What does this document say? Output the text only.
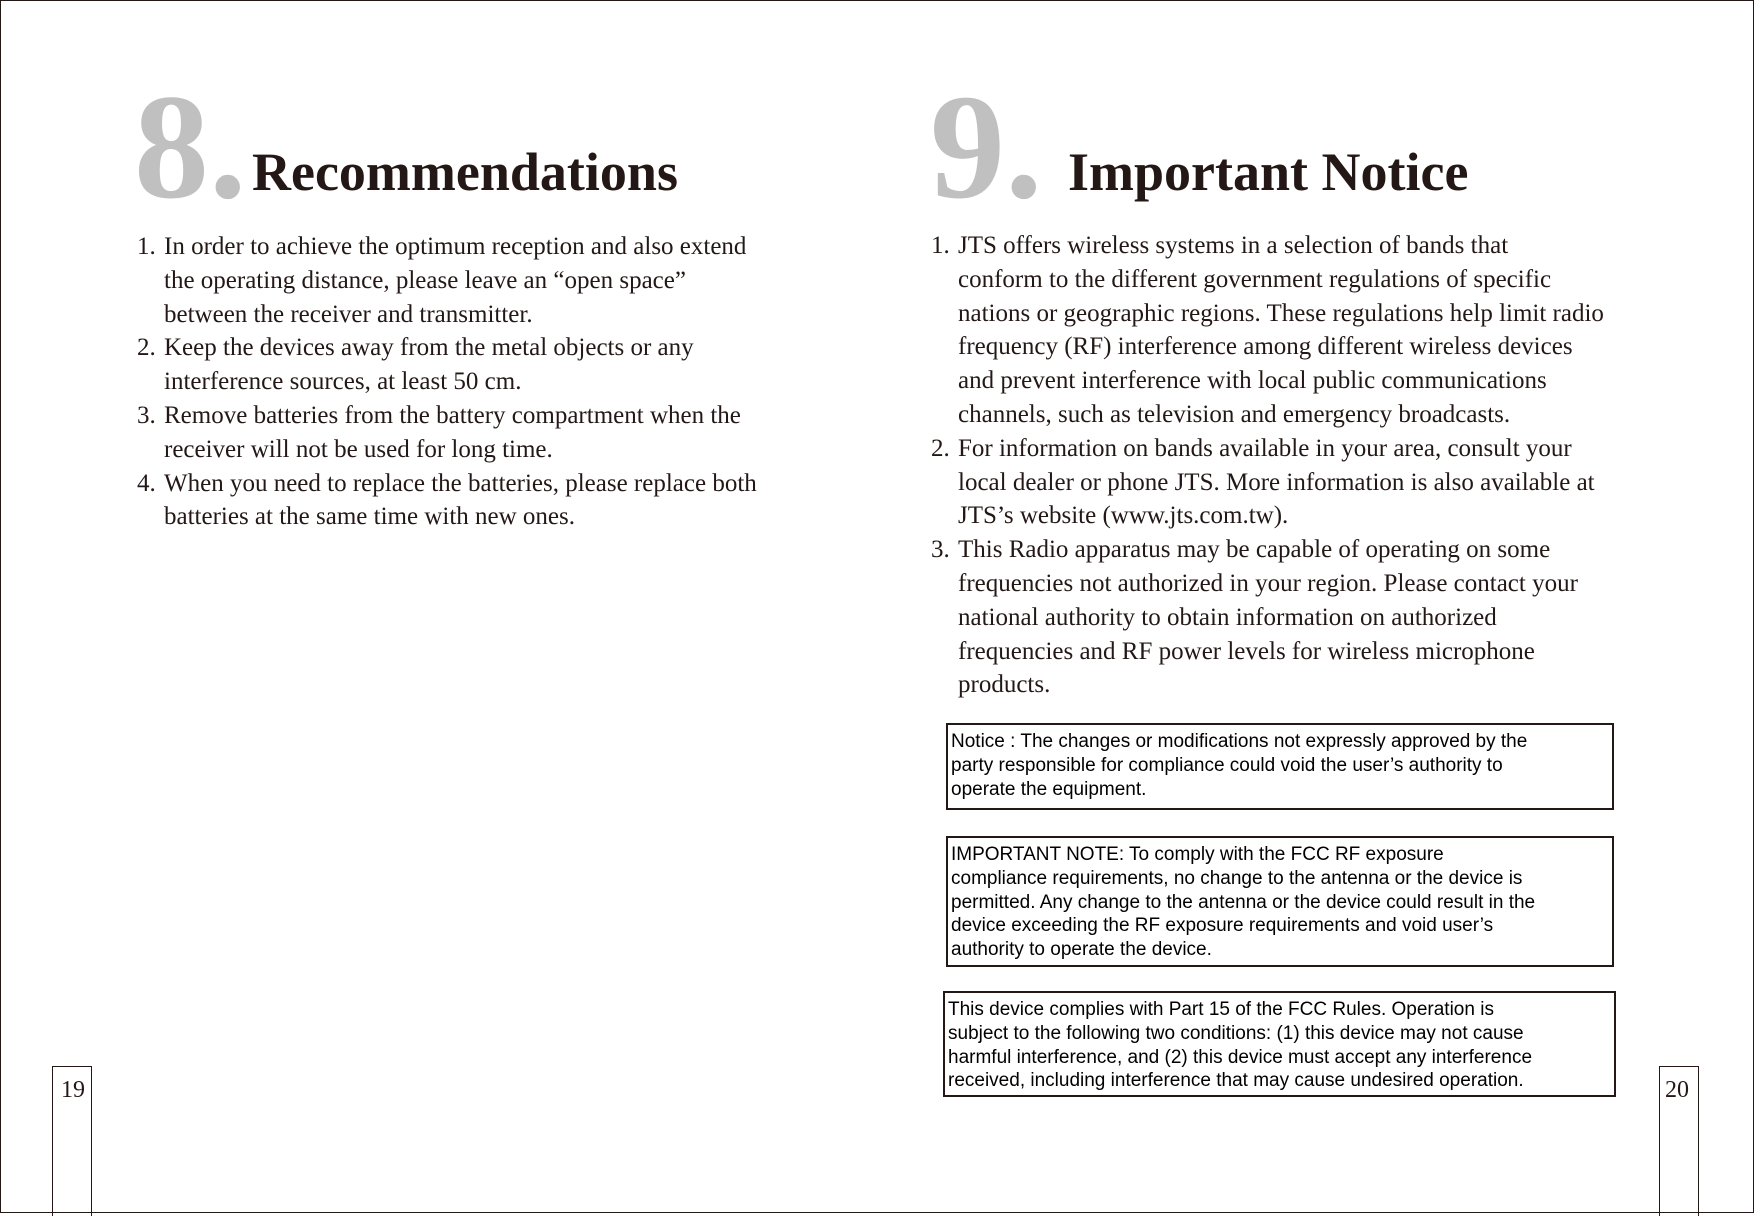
8. Recommendations
1. In order to achieve the optimum reception and also extend
the operating distance, please leave an “open space”
between the receiver and transmitter.
2. Keep the devices away from the metal objects or any
interference sources, at least 50 cm.
3. Remove batteries from the battery compartment when the
receiver will not be used for long time.
4. When you need to replace the batteries, please replace both
batteries at the same time with new ones.
19
9. Important Notice
1. JTS offers wireless systems in a selection of bands that
conform to the different government regulations of specific
nations or geographic regions. These regulations help limit radio
frequency (RF) interference among different wireless devices
and prevent interference with local public communications
channels, such as television and emergency broadcasts.
2. For information on bands available in your area, consult your
local dealer or phone JTS. More information is also available at
JTS’s website (www.jts.com.tw).
3. This Radio apparatus may be capable of operating on some
frequencies not authorized in your region. Please contact your
national authority to obtain information on authorized
frequencies and RF power levels for wireless microphone
products.
Notice : The changes or modifications not expressly approved by the
party responsible for compliance could void the user’s authority to
operate the equipment.
IMPORTANT NOTE: To comply with the FCC RF exposure
compliance requirements, no change to the antenna or the device is
permitted. Any change to the antenna or the device could result in the
device exceeding the RF exposure requirements and void user’s
authority to operate the device.
This device complies with Part 15 of the FCC Rules. Operation is
subject to the following two conditions: (1) this device may not cause
harmful interference, and (2) this device must accept any interference
received, including interference that may cause undesired operation.	20
